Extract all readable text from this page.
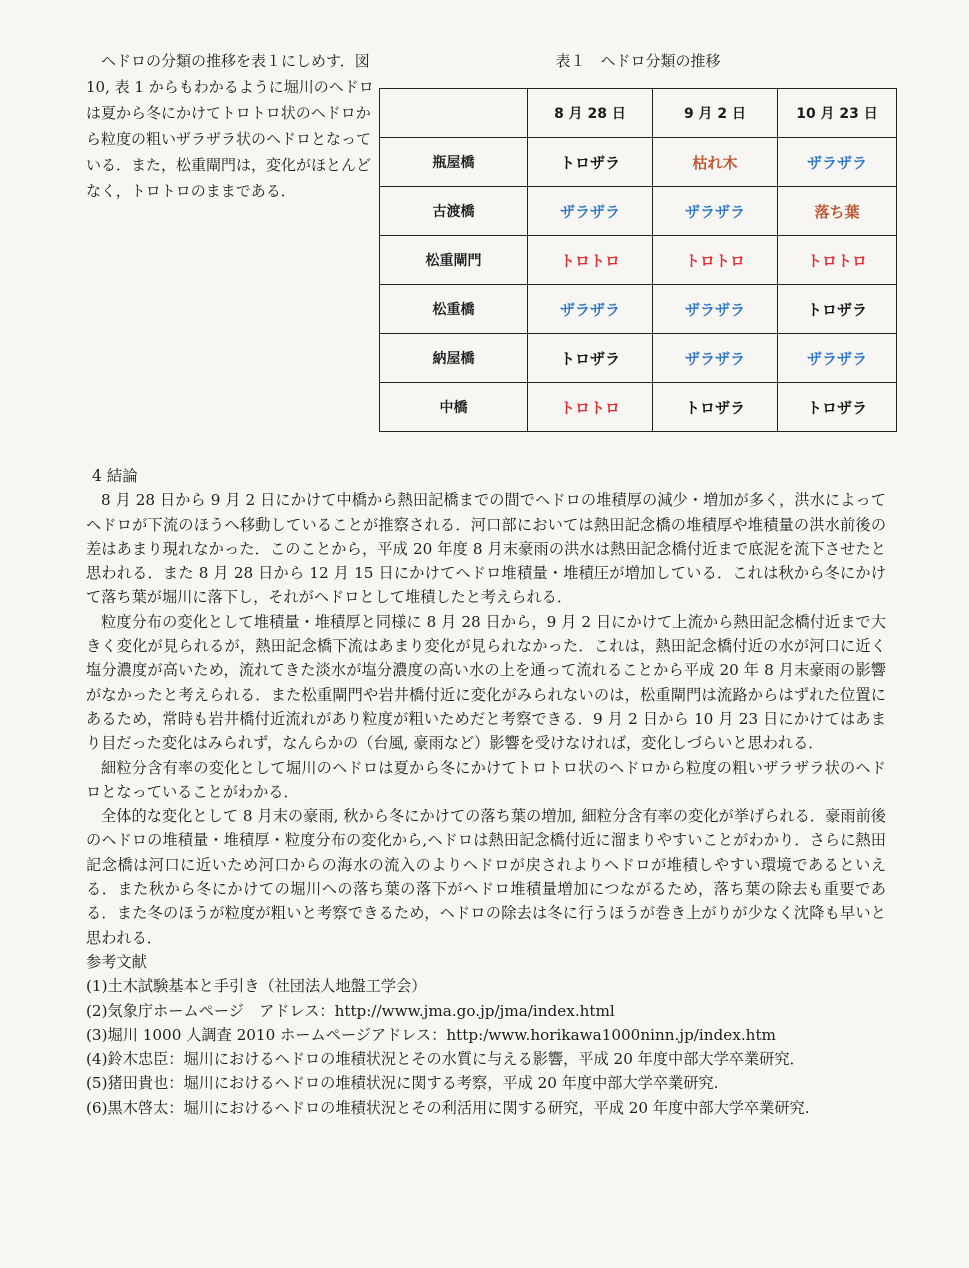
ヘドロの分類の推移を表１にしめす．図 10, 表 1 からもわかるように堀川のヘドロは夏から冬にかけてトロトロ状のヘドロから粒度の粗いザラザラ状のヘドロとなっている．また，松重閘門は，変化がほとんどなく，トロトロのままである．

表１　ヘドロ分類の推移
	8 月 28 日	9 月 2 日	10 月 23 日
瓶屋橋	トロザラ	枯れ木	ザラザラ
古渡橋	ザラザラ	ザラザラ	落ち葉
松重閘門	トロトロ	トロトロ	トロトロ
松重橋	ザラザラ	ザラザラ	トロザラ
納屋橋	トロザラ	ザラザラ	ザラザラ
中橋	トロトロ	トロザラ	トロザラ
4 結論

8 月 28 日から 9 月 2 日にかけて中橋から熱田記橋までの間でヘドロの堆積厚の減少・増加が多く，洪水によってヘドロが下流のほうへ移動していることが推察される．河口部においては熱田記念橋の堆積厚や堆積量の洪水前後の差はあまり現れなかった．このことから，平成 20 年度 8 月末豪雨の洪水は熱田記念橋付近まで底泥を流下させたと思われる．また 8 月 28 日から 12 月 15 日にかけてヘドロ堆積量・堆積圧が増加している．これは秋から冬にかけて落ち葉が堀川に落下し，それがヘドロとして堆積したと考えられる．

粒度分布の変化として堆積量・堆積厚と同様に 8 月 28 日から，9 月 2 日にかけて上流から熱田記念橋付近まで大きく変化が見られるが，熱田記念橋下流はあまり変化が見られなかった．これは，熱田記念橋付近の水が河口に近く塩分濃度が高いため，流れてきた淡水が塩分濃度の高い水の上を通って流れることから平成 20 年 8 月末豪雨の影響がなかったと考えられる．また松重閘門や岩井橋付近に変化がみられないのは，松重閘門は流路からはずれた位置にあるため，常時も岩井橋付近流れがあり粒度が粗いためだと考察できる．9 月 2 日から 10 月 23 日にかけてはあまり目だった変化はみられず，なんらかの（台風, 豪雨など）影響を受けなければ，変化しづらいと思われる．

細粒分含有率の変化として堀川のヘドロは夏から冬にかけてトロトロ状のヘドロから粒度の粗いザラザラ状のヘドロとなっていることがわかる．

全体的な変化として 8 月末の豪雨, 秋から冬にかけての落ち葉の増加, 細粒分含有率の変化が挙げられる．豪雨前後のヘドロの堆積量・堆積厚・粒度分布の変化から,ヘドロは熱田記念橋付近に溜まりやすいことがわかり．さらに熱田記念橋は河口に近いため河口からの海水の流入のよりヘドロが戻されよりヘドロが堆積しやすい環境であるといえる．また秋から冬にかけての堀川への落ち葉の落下がヘドロ堆積量増加につながるため，落ち葉の除去も重要である．また冬のほうが粒度が粗いと考察できるため，ヘドロの除去は冬に行うほうが巻き上がりが少なく沈降も早いと思われる．

参考文献
(1)土木試験基本と手引き（社団法人地盤工学会）
(2)気象庁ホームページ　アドレス：http://www.jma.go.jp/jma/index.html
(3)堀川 1000 人調査 2010 ホームページアドレス：http:/www.horikawa1000ninn.jp/index.htm
(4)鈴木忠臣：堀川におけるヘドロの堆積状況とその水質に与える影響，平成 20 年度中部大学卒業研究．
(5)猪田貴也：堀川におけるヘドロの堆積状況に関する考察，平成 20 年度中部大学卒業研究.
(6)黒木啓太：堀川におけるヘドロの堆積状況とその利活用に関する研究，平成 20 年度中部大学卒業研究.
